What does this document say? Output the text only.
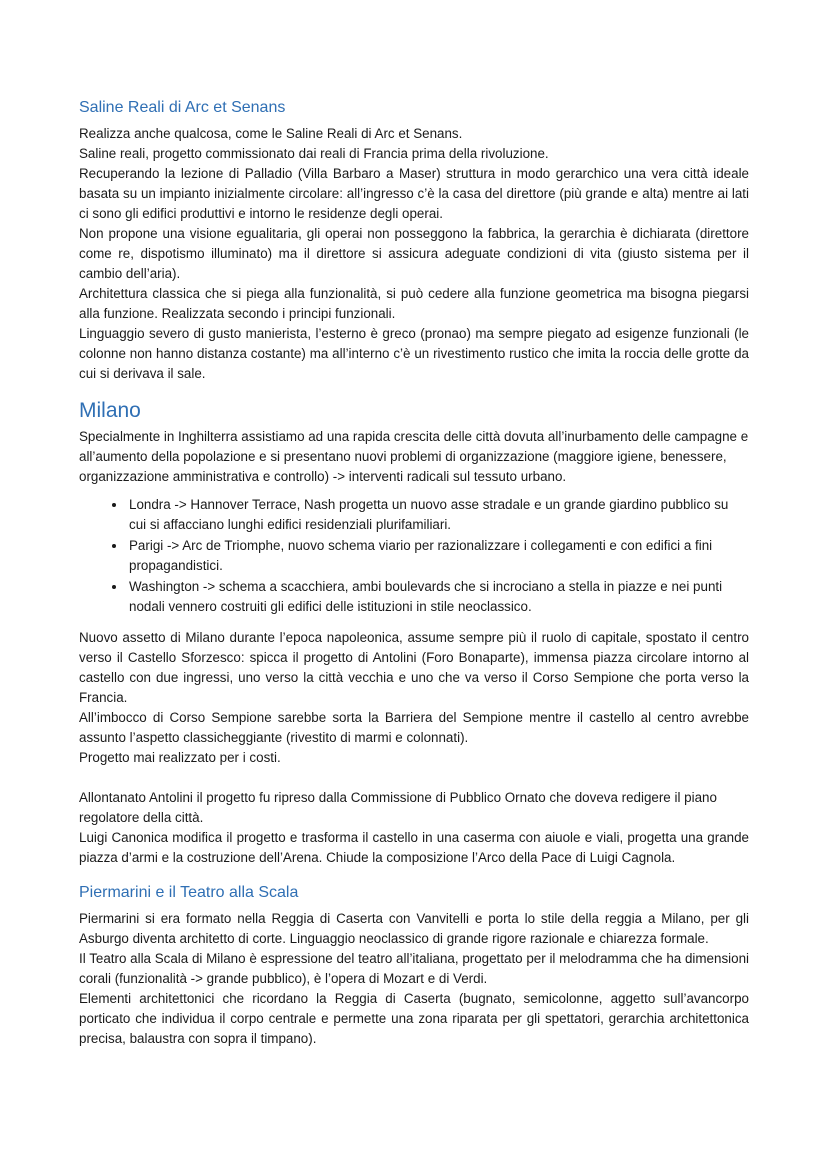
Saline Reali di Arc et Senans

Realizza anche qualcosa, come le Saline Reali di Arc et Senans.

Saline reali, progetto commissionato dai reali di Francia prima della rivoluzione.

Recuperando la lezione di Palladio (Villa Barbaro a Maser) struttura in modo gerarchico una vera città ideale basata su un impianto inizialmente circolare: all’ingresso c’è la casa del direttore (più grande e alta) mentre ai lati ci sono gli edifici produttivi e intorno le residenze degli operai.

Non propone una visione egualitaria, gli operai non posseggono la fabbrica, la gerarchia è dichiarata (direttore come re, dispotismo illuminato) ma il direttore si assicura adeguate condizioni di vita (giusto sistema per il cambio dell’aria).

Architettura classica che si piega alla funzionalità, si può cedere alla funzione geometrica ma bisogna piegarsi alla funzione. Realizzata secondo i principi funzionali.

Linguaggio severo di gusto manierista, l’esterno è greco (pronao) ma sempre piegato ad esigenze funzionali (le colonne non hanno distanza costante) ma all’interno c’è un rivestimento rustico che imita la roccia delle grotte da cui si derivava il sale.

Milano

Specialmente in Inghilterra assistiamo ad una rapida crescita delle città dovuta all’inurbamento delle campagne e all’aumento della popolazione e si presentano nuovi problemi di organizzazione (maggiore igiene, benessere, organizzazione amministrativa e controllo) -> interventi radicali sul tessuto urbano.

• Londra -> Hannover Terrace, Nash progetta un nuovo asse stradale e un grande giardino pubblico su cui si affacciano lunghi edifici residenziali plurifamiliari.
• Parigi -> Arc de Triomphe, nuovo schema viario per razionalizzare i collegamenti e con edifici a fini propagandistici.
• Washington -> schema a scacchiera, ambi boulevards che si incrociano a stella in piazze e nei punti nodali vennero costruiti gli edifici delle istituzioni in stile neoclassico.

Nuovo assetto di Milano durante l’epoca napoleonica, assume sempre più il ruolo di capitale, spostato il centro verso il Castello Sforzesco: spicca il progetto di Antolini (Foro Bonaparte), immensa piazza circolare intorno al castello con due ingressi, uno verso la città vecchia e uno che va verso il Corso Sempione che porta verso la Francia.

All’imbocco di Corso Sempione sarebbe sorta la Barriera del Sempione mentre il castello al centro avrebbe assunto l’aspetto classicheggiante (rivestito di marmi e colonnati).

Progetto mai realizzato per i costi.

Allontanato Antolini il progetto fu ripreso dalla Commissione di Pubblico Ornato che doveva redigere il piano regolatore della città.

Luigi Canonica modifica il progetto e trasforma il castello in una caserma con aiuole e viali, progetta una grande piazza d’armi e la costruzione dell’Arena. Chiude la composizione l’Arco della Pace di Luigi Cagnola.

Piermarini e il Teatro alla Scala

Piermarini si era formato nella Reggia di Caserta con Vanvitelli e porta lo stile della reggia a Milano, per gli Asburgo diventa architetto di corte. Linguaggio neoclassico di grande rigore razionale e chiarezza formale.

Il Teatro alla Scala di Milano è espressione del teatro all’italiana, progettato per il melodramma che ha dimensioni corali (funzionalità -> grande pubblico), è l’opera di Mozart e di Verdi.

Elementi architettonici che ricordano la Reggia di Caserta (bugnato, semicolonne, aggetto sull’avancorpo porticato che individua il corpo centrale e permette una zona riparata per gli spettatori, gerarchia architettonica precisa, balaustra con sopra il timpano).
